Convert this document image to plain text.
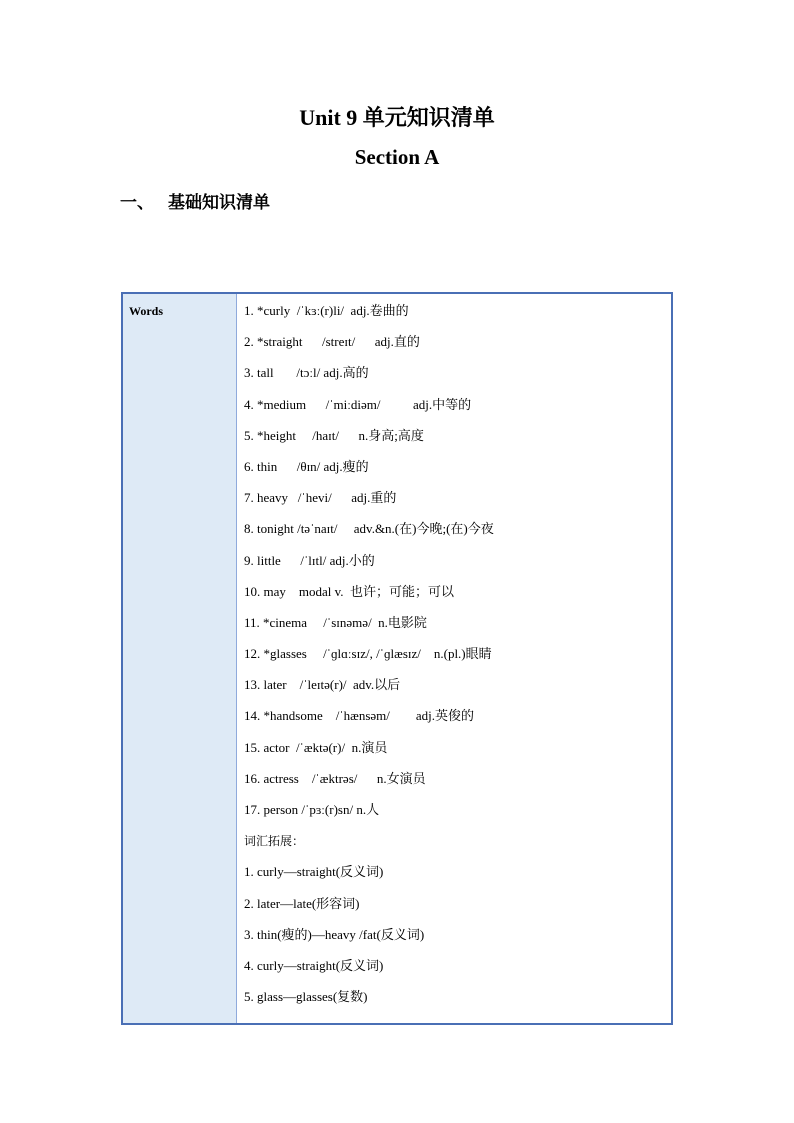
Unit 9 单元知识清单
Section A
一、 基础知识清单
Words	1. *curly  /ˈkɜː(r)li/  adj.卷曲的
2. *straight      /streɪt/      adj.直的
3. tall       /tɔːl/ adj.高的
4. *medium      /ˈmiːdiəm/          adj.中等的
5. *height     /haɪt/      n.身高;高度
6. thin      /θɪn/ adj.瘦的
7. heavy   /ˈhevi/      adj.重的
8. tonight /təˈnaɪt/     adv.&n.(在)今晚;(在)今夜
9. little      /ˈlɪtl/ adj.小的
10. may    modal v.  也许；可能；可以
11. *cinema     /ˈsɪnəmə/  n.电影院
12. *glasses     /ˈɡlɑːsɪz/, /ˈɡlæsɪz/    n.(pl.)眼睛
13. later    /ˈleɪtə(r)/  adv.以后
14. *handsome    /ˈhænsəm/        adj.英俊的
15. actor  /ˈæktə(r)/  n.演员
16. actress    /ˈæktrəs/      n.女演员
17. person /ˈpɜː(r)sn/ n.人
词汇拓展：
1. curly—straight(反义词)
2. later—late(形容词)
3. thin(瘦的)—heavy /fat(反义词)
4. curly—straight(反义词)
5. glass—glasses(复数)
